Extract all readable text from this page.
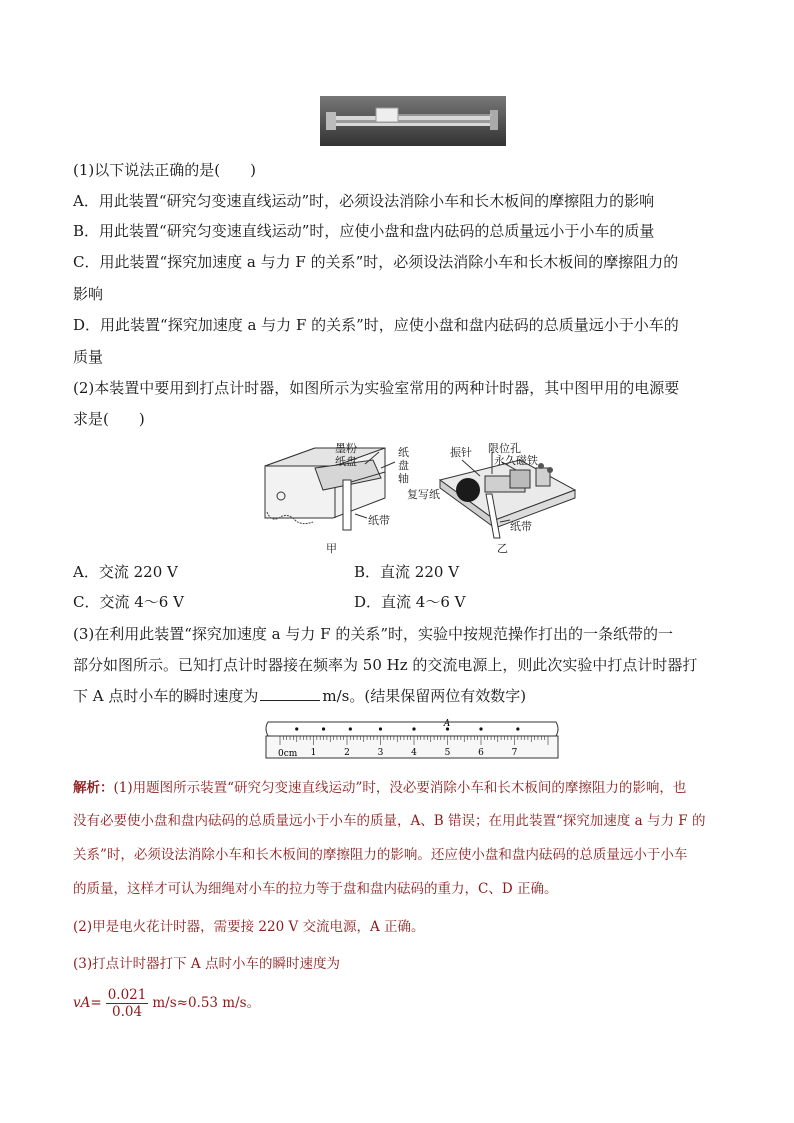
(1)以下说法正确的是(　　)
A．用此装置“研究匀变速直线运动”时，必须设法消除小车和长木板间的摩擦阻力的影响
B．用此装置“研究匀变速直线运动”时，应使小盘和盘内砝码的总质量远小于小车的质量
C．用此装置“探究加速度 a 与力 F 的关系”时，必须设法消除小车和长木板间的摩擦阻力的
影响
D．用此装置“探究加速度 a 与力 F 的关系”时，应使小盘和盘内砝码的总质量远小于小车的
质量
(2)本装置中要用到打点计时器，如图所示为实验室常用的两种计时器，其中图甲用的电源要
求是(　　)
墨粉
纸盘
纸
盘
轴
纸带
甲
振针 限位孔
永久磁铁
复写纸
纸带
乙
A．交流 220 V	B．直流 220 V
C．交流 4～6 V	D．直流 4～6 V
(3)在利用此装置“探究加速度 a 与力 F 的关系”时，实验中按规范操作打出的一条纸带的一
部分如图所示。已知打点计时器接在频率为 50 Hz 的交流电源上，则此次实验中打点计时器打
下 A 点时小车的瞬时速度为	m/s。(结果保留两位有效数字)
A
0cm 1	2	3	4	5	6	7
解析：(1)用题图所示装置“研究匀变速直线运动”时，没必要消除小车和长木板间的摩擦阻力的影响，也
没有必要使小盘和盘内砝码的总质量远小于小车的质量，A、B 错误；在用此装置“探究加速度 a 与力 F 的
关系”时，必须设法消除小车和长木板间的摩擦阻力的影响。还应使小盘和盘内砝码的总质量远小于小车
的质量，这样才可认为细绳对小车的拉力等于盘和盘内砝码的重力，C、D 正确。
(2)甲是电火花计时器，需要接 220 V 交流电源，A 正确。
(3)打点计时器打下 A 点时小车的瞬时速度为
$vA= \frac{0.021}{0.04} m/s\approx 0.53$ m/s。
